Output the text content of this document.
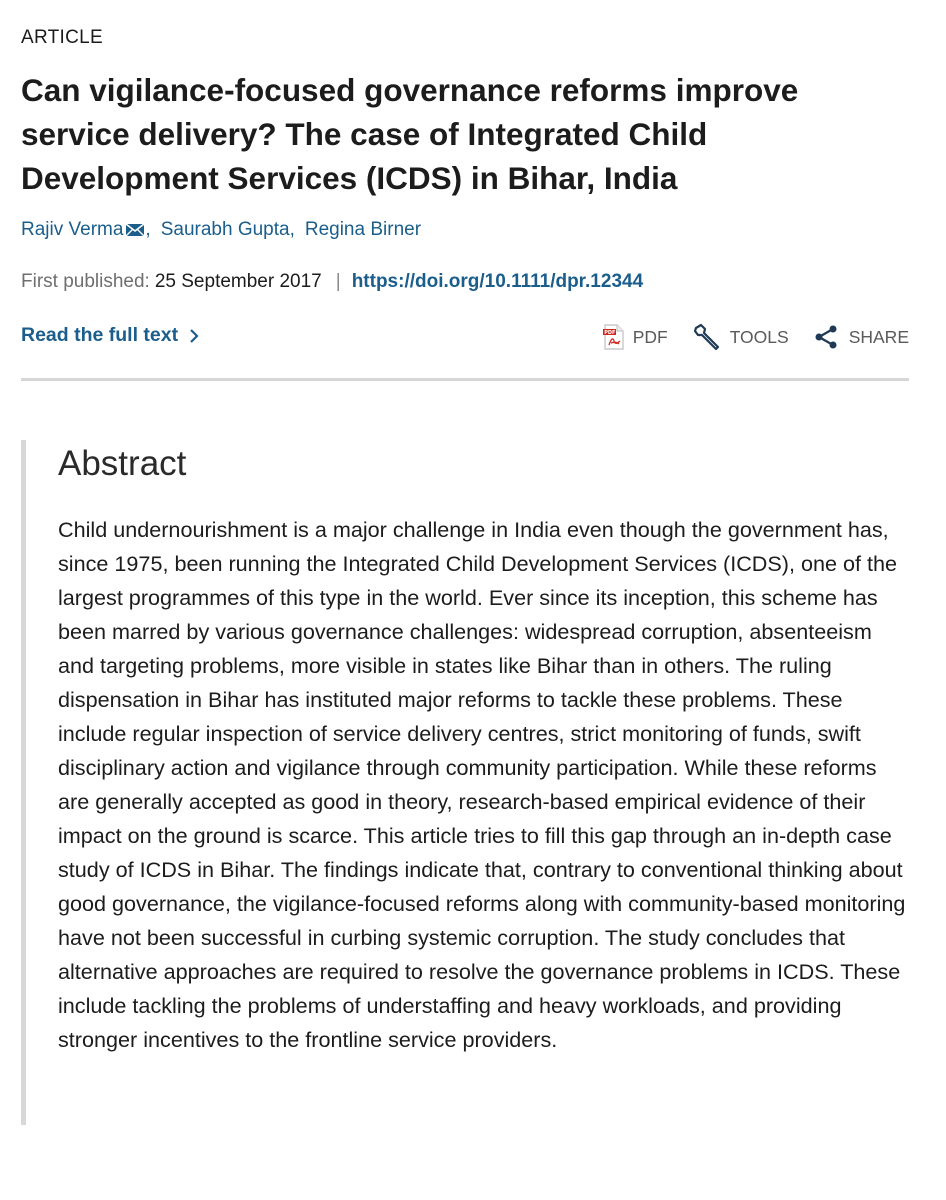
ARTICLE
Can vigilance-focused governance reforms improve service delivery? The case of Integrated Child Development Services (ICDS) in Bihar, India
Rajiv Verma , Saurabh Gupta , Regina Birner
First published: 25 September 2017 | https://doi.org/10.1111/dpr.12344
Read the full text	PDF PDF	TOOLS	SHARE
Abstract

Child undernourishment is a major challenge in India even though the government has, since 1975, been running the Integrated Child Development Services (ICDS), one of the largest programmes of this type in the world. Ever since its inception, this scheme has been marred by various governance challenges: widespread corruption, absenteeism and targeting problems, more visible in states like Bihar than in others. The ruling dispensation in Bihar has instituted major reforms to tackle these problems. These include regular inspection of service delivery centres, strict monitoring of funds, swift disciplinary action and vigilance through community participation. While these reforms are generally accepted as good in theory, research-based empirical evidence of their impact on the ground is scarce. This article tries to fill this gap through an in-depth case study of ICDS in Bihar. The findings indicate that, contrary to conventional thinking about good governance, the vigilance-focused reforms along with community-based monitoring have not been successful in curbing systemic corruption. The study concludes that alternative approaches are required to resolve the governance problems in ICDS. These include tackling the problems of understaffing and heavy workloads, and providing stronger incentives to the frontline service providers.
